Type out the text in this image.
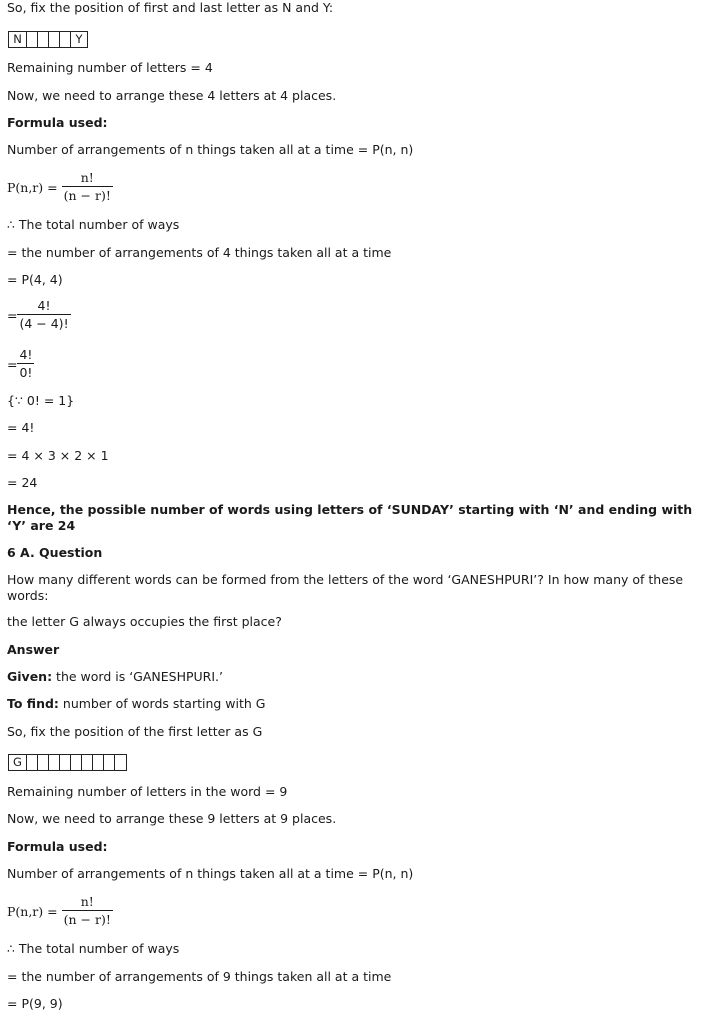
So, fix the position of first and last letter as N and Y:
N	Y
Remaining number of letters = 4
Now, we need to arrange these 4 letters at 4 places.
Formula used:
Number of arrangements of n things taken all at a time = P(n, n)
$P(n,r) = \frac{n!}{(n - r)!}$
∴ The total number of ways
= the number of arrangements of 4 things taken all at a time
= P(4, 4)
= $\frac{4!}{(4 - 4)!}$
= $\frac{4!}{0!}$
{∵ 0! = 1}
= 4!
= 4 × 3 × 2 × 1
= 24
Hence, the possible number of words using letters of ‘SUNDAY’ starting with ‘N’ and ending with ‘Y’ are 24
6 A. Question
How many different words can be formed from the letters of the word ‘GANESHPURI’? In how many of these words:
the letter G always occupies the first place?
Answer
Given: the word is ‘GANESHPURI.’
To find: number of words starting with G
So, fix the position of the first letter as G
G
Remaining number of letters in the word = 9
Now, we need to arrange these 9 letters at 9 places.
Formula used:
Number of arrangements of n things taken all at a time = P(n, n)
$P(n,r) = \frac{n!}{(n - r)!}$
∴ The total number of ways
= the number of arrangements of 9 things taken all at a time
= P(9, 9)
